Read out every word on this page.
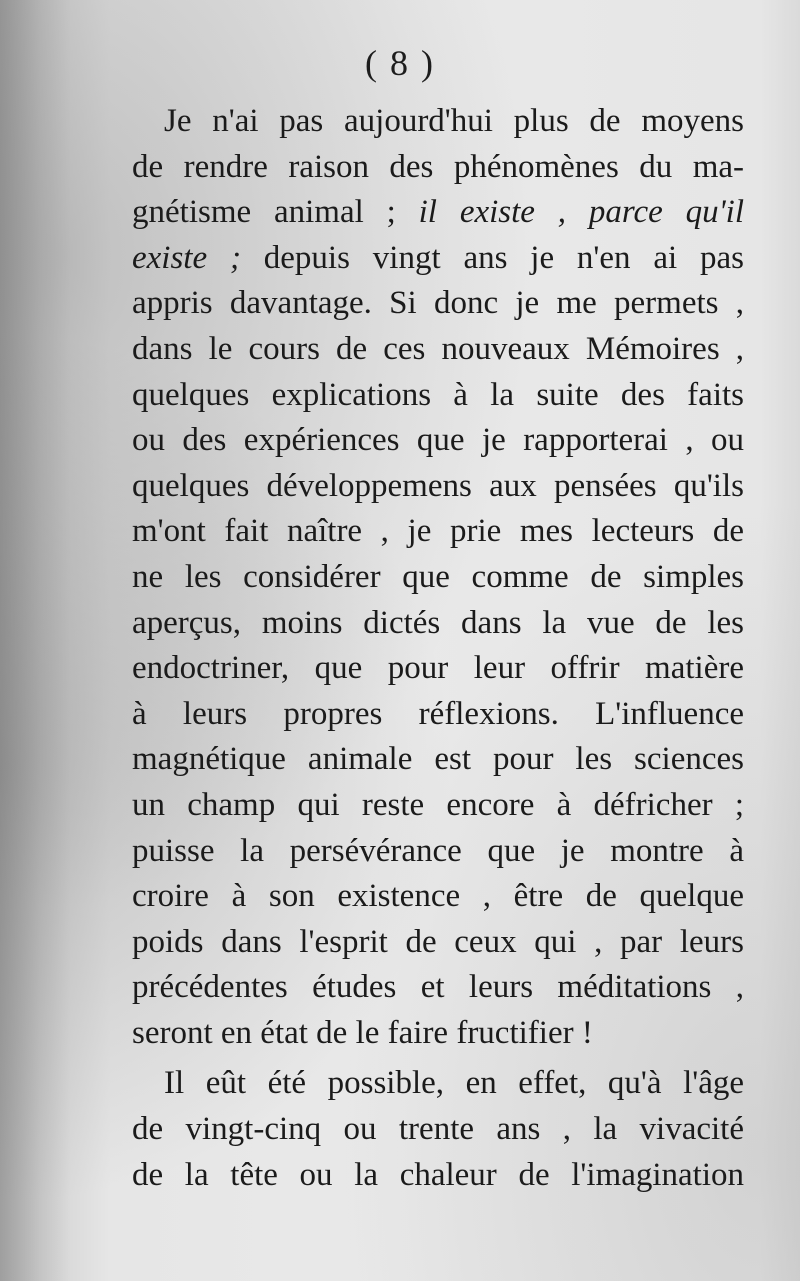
( 8 )
Je n'ai pas aujourd'hui plus de moyens
de rendre raison des phénomènes du ma-
gnétisme animal ; il existe , parce qu'il
existe ; depuis vingt ans je n'en ai pas
appris davantage. Si donc je me permets ,
dans le cours de ces nouveaux Mémoires ,
quelques explications à la suite des faits
ou des expériences que je rapporterai , ou
quelques développemens aux pensées qu'ils
m'ont fait naître , je prie mes lecteurs de
ne les considérer que comme de simples
aperçus, moins dictés dans la vue de les
endoctriner, que pour leur offrir matière
à leurs propres réflexions. L'influence
magnétique animale est pour les sciences
un champ qui reste encore à défricher ;
puisse la persévérance que je montre à
croire à son existence , être de quelque
poids dans l'esprit de ceux qui , par leurs
précédentes études et leurs méditations ,
seront en état de le faire fructifier !
Il eût été possible, en effet, qu'à l'âge
de vingt-cinq ou trente ans , la vivacité
de la tête ou la chaleur de l'imagination
